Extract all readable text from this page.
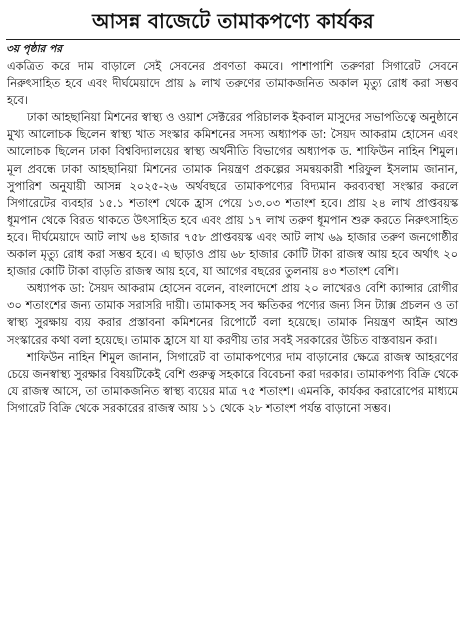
আসন্ন বাজেটে তামাকপণ্যে কার্যকর
৩য় পৃষ্ঠার পর

একত্রিত করে দাম বাড়ালে সেই সেবনের প্রবণতা কমবে। পাশাপাশি তরুণরা সিগারেট সেবনে নিরুৎসাহিত হবে এবং দীর্ঘমেয়াদে প্রায় ৯ লাখ তরুণের তামাকজনিত অকাল মৃত্যু রোধ করা সম্ভব হবে।

ঢাকা আহছানিয়া মিশনের স্বাস্থ্য ও ওয়াশ সেক্টরের পরিচালক ইকবাল মাসুদের সভাপতিত্বে অনুষ্ঠানে মুখ্য আলোচক ছিলেন স্বাস্থ্য খাত সংস্কার কমিশনের সদস্য অধ্যাপক ডা: সৈয়দ আকরাম হোসেন এবং আলোচক ছিলেন ঢাকা বিশ্ববিদ্যালয়ের স্বাস্থ্য অর্থনীতি বিভাগের অধ্যাপক ড. শাফিউন নাহিন শিমুল। মূল প্রবন্ধে ঢাকা আহছানিয়া মিশনের তামাক নিয়ন্ত্রণ প্রকল্পের সমন্বয়কারী শরিফুল ইসলাম জানান, সুপারিশ অনুযায়ী আসন্ন ২০২৫-২৬ অর্থবছরে তামাকপণ্যের বিদ্যমান করব্যবস্থা সংস্কার করলে সিগারেটের ব্যবহার ১৫.১ শতাংশ থেকে হ্রাস পেয়ে ১৩.০৩ শতাংশ হবে। প্রায় ২৪ লাখ প্রাপ্তবয়স্ক ধূমপান থেকে বিরত থাকতে উৎসাহিত হবে এবং প্রায় ১৭ লাখ তরুণ ধূমপান শুরু করতে নিরুৎসাহিত হবে। দীর্ঘমেয়াদে আট লাখ ৬৪ হাজার ৭৫৮ প্রাপ্তবয়স্ক এবং আট লাখ ৬৯ হাজার তরুণ জনগোষ্ঠীর অকাল মৃত্যু রোধ করা সম্ভব হবে। এ ছাড়াও প্রায় ৬৮ হাজার কোটি টাকা রাজস্ব আয় হবে অর্থাৎ ২০ হাজার কোটি টাকা বাড়তি রাজস্ব আয় হবে, যা আগের বছরের তুলনায় ৪৩ শতাংশ বেশি।

অধ্যাপক ডা: সৈয়দ আকরাম হোসেন বলেন, বাংলাদেশে প্রায় ২০ লাখেরও বেশি ক্যান্সার রোগীর ৩০ শতাংশের জন্য তামাক সরাসরি দায়ী। তামাকসহ সব ক্ষতিকর পণ্যের জন্য সিন ট্যাক্স প্রচলন ও তা স্বাস্থ্য সুরক্ষায় ব্যয় করার প্রস্তাবনা কমিশনের রিপোর্টে বলা হয়েছে। তামাক নিয়ন্ত্রণ আইন আশু সংস্কারের কথা বলা হয়েছে। তামাক হ্রাসে যা যা করণীয় তার সবই সরকারের উচিত বাস্তবায়ন করা।

শাফিউন নাহিন শিমুল জানান, সিগারেট বা তামাকপণ্যের দাম বাড়ানোর ক্ষেত্রে রাজস্ব আহরণের চেয়ে জনস্বাস্থ্য সুরক্ষার বিষয়টিকেই বেশি গুরুত্ব সহকারে বিবেচনা করা দরকার। তামাকপণ্য বিক্রি থেকে যে রাজস্ব আসে, তা তামাকজনিত স্বাস্থ্য ব্যয়ের মাত্র ৭৫ শতাংশ। এমনকি, কার্যকর করারোপের মাধ্যমে সিগারেট বিক্রি থেকে সরকারের রাজস্ব আয় ১১ থেকে ২৮ শতাংশ পর্যন্ত বাড়ানো সম্ভব।
